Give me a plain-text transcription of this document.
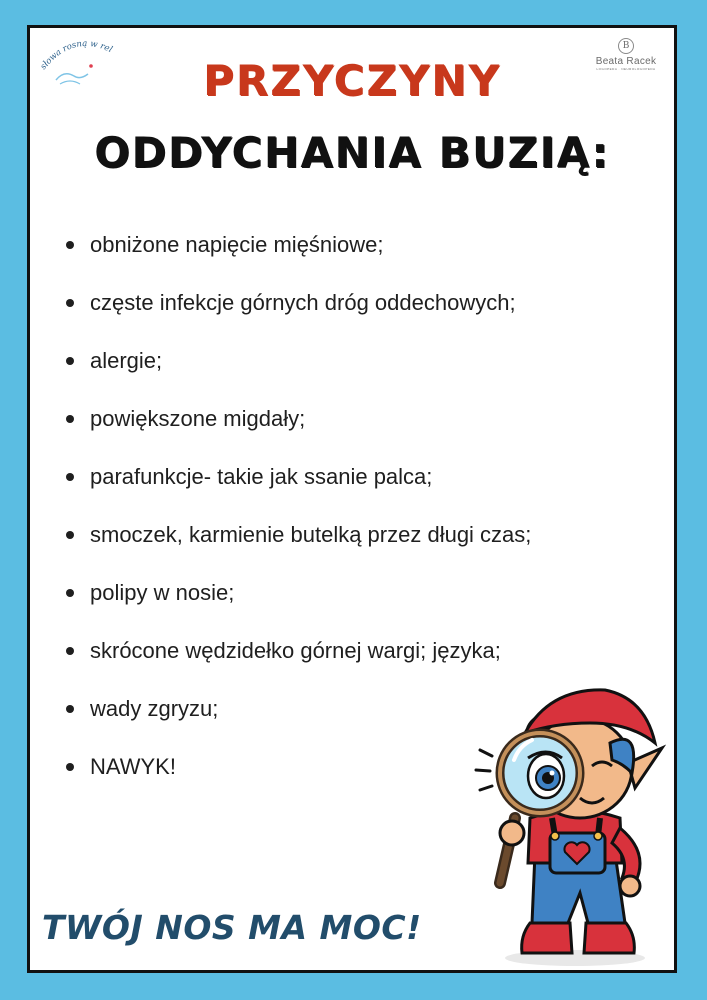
słowa rosną w rel	B
Beata Racek
LOGOPEDA · NEUROLOGOPEDA
PRZYCZYNY
ODDYCHANIA BUZIĄ:
obniżone napięcie mięśniowe;
częste infekcje górnych dróg oddechowych;
alergie;
powiększone migdały;
parafunkcje- takie jak ssanie palca;
smoczek, karmienie butelką przez długi czas;
polipy w nosie;
skrócone wędzidełko górnej wargi; języka;
wady zgryzu;
NAWYK!
TWÓJ NOS MA MOC!
